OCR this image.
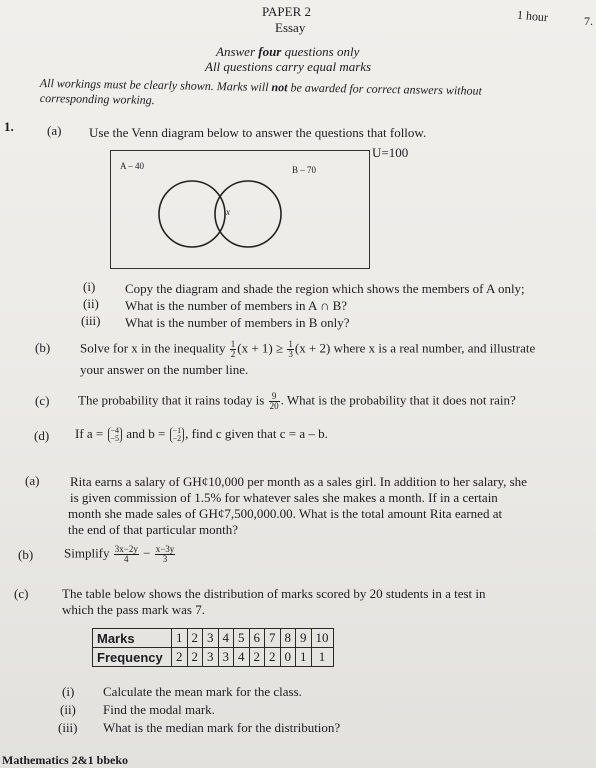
PAPER 2
Essay
1 hour	7.
Answer four questions only
All questions carry equal marks
All workings must be clearly shown. Marks will not be awarded for correct answers without
corresponding working.
1.	(a) Use the Venn diagram below to answer the questions that follow.
U=100
A – 40	B – 70
x
(i) Copy the diagram and shade the region which shows the members of A only;
(ii) What is the number of members in A ∩ B?
(iii) What is the number of members in B only?
(b) Solve for x in the inequality $\frac{1}{2} (x + 1) \ge \frac{1}{3} (x + 2)$ where x is a real number, and illustrate
your answer on the number line.
(c) The probability that it rains today is $\frac{9}{20}$ . What is the probability that it does not rain?
(d) If a = −4
−5 and b = −1
−2 , find c given that c = a – b.
(a) Rita earns a salary of GH¢10,000 per month as a sales girl. In addition to her salary, she
is given commission of 1.5% for whatever sales she makes a month. If in a certain
month she made sales of GH¢7,500,000.00. What is the total amount Rita earned at
the end of that particular month?
(b) Simplify $\frac{3x-2y}{4} - \frac{x-3y}{3}$
(c)	The table below shows the distribution of marks scored by 20 students in a test in
which the pass mark was 7.
Marks	1	2	3	4	5	6	7	8	9	10
Frequency	2	2	3	3	4	2	2	0	1	1
(i) Calculate the mean mark for the class.
(ii) Find the modal mark.
(iii) What is the median mark for the distribution?
Mathematics 2&1 bbeko
